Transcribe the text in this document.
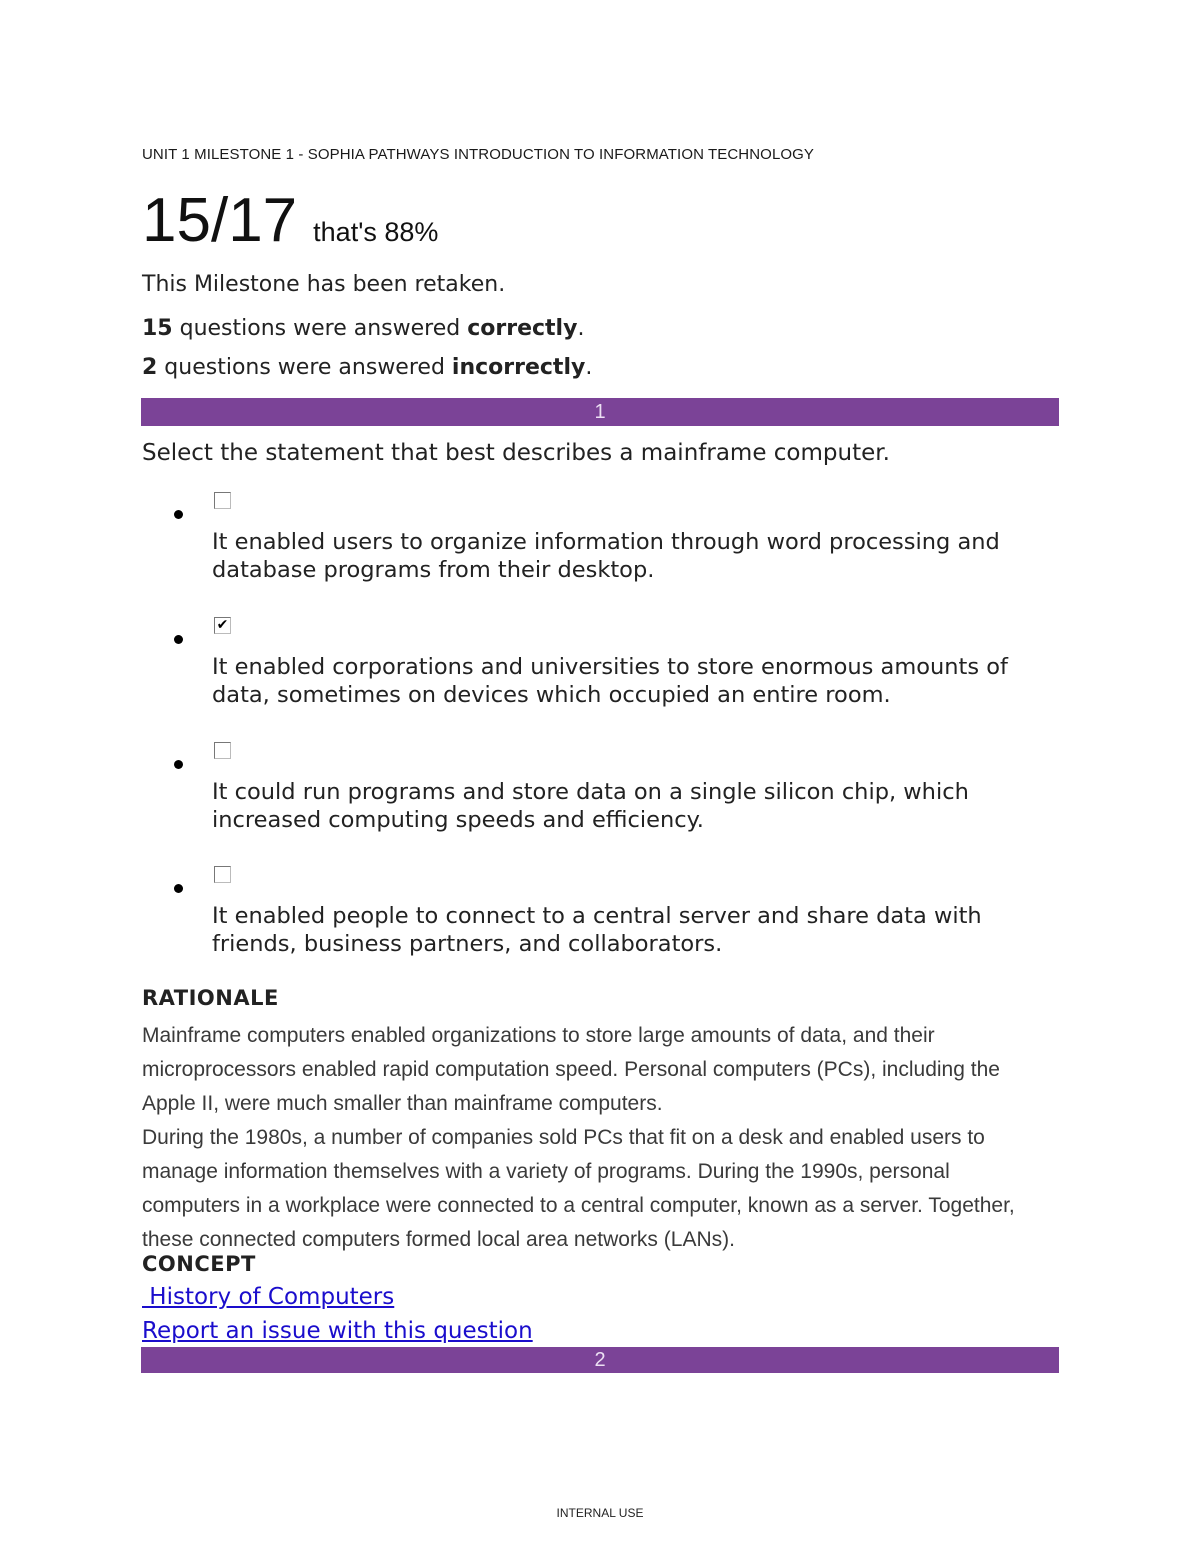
UNIT 1 MILESTONE 1 - SOPHIA PATHWAYS INTRODUCTION TO INFORMATION TECHNOLOGY
15/17 that's 88%
This Milestone has been retaken.
15 questions were answered correctly.
2 questions were answered incorrectly.
1
Select the statement that best describes a mainframe computer.
It enabled users to organize information through word processing and database programs from their desktop.
✔
It enabled corporations and universities to store enormous amounts of data, sometimes on devices which occupied an entire room.
It could run programs and store data on a single silicon chip, which increased computing speeds and efficiency.
It enabled people to connect to a central server and share data with friends, business partners, and collaborators.
RATIONALE

Mainframe computers enabled organizations to store large amounts of data, and their microprocessors enabled rapid computation speed. Personal computers (PCs), including the Apple II, were much smaller than mainframe computers.

During the 1980s, a number of companies sold PCs that fit on a desk and enabled users to manage information themselves with a variety of programs. During the 1990s, personal computers in a workplace were connected to a central computer, known as a server. Together, these connected computers formed local area networks (LANs).

CONCEPT
History of Computers
Report an issue with this question
2
INTERNAL USE
